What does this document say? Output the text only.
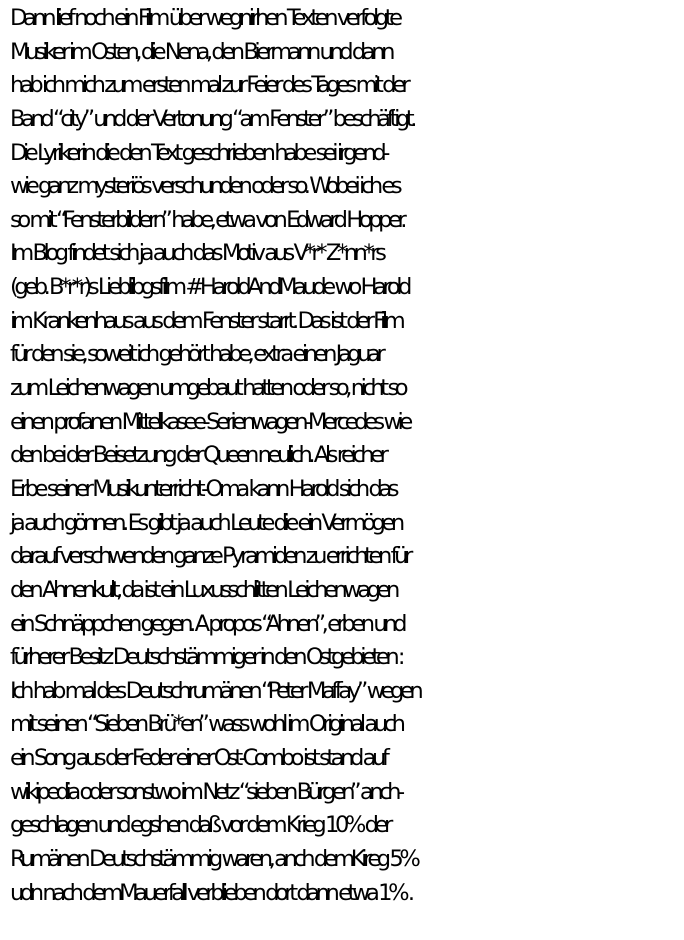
Dann lief noch ein Film über wegnirhen Texten verfolgte
Musiker im Osten, die Nena, den Biermann und dann
hab ich mich zum ersten mal zur Feier des Tages mit der
Band “city” und der Vertonung “am Fenster” beschäftigt.
Die Lyrikerin die den Text geschrieben habe sei irgend-
wie ganz mysteriös verschunden oder so. Wobei ich es
so mit “Fensterbildern” habe, etwa von Edward Hopper.
Im Blog findet sich ja auch das Motiv aus V*r* Z*nn*rs
(geb. B*r*r)s Lieblibgsfilm #HaroldAndMaude wo Harold
im Krankenhaus aus dem Fenster starrt. Das ist der Film
für den sie, soweit ich gehört habe, extra einen Jaguar
zum Leichenwagen umgebaut hatten oder so, nicht so
einen profanen Mittelkasee-Serienwagen-Mercedes wie
den bei der Beisetzung der Queen neulich. Als reicher
Erbe seiner Musikunterricht-Oma kann Harold sich das
ja auch gönnen. Es gibt ja auch Leute die ein Vermögen
darauf verschwenden ganze Pyramiden zu errichten für
den Ahnenkult, da ist ein Luxusschlitten Leichenwagen
ein Schnäppchen gegen. A propos “Ahnen”, erben und
fürherer Besitz Deutschstämmiger in den Ostgebieten :
Ich hab mal des Deutschrumänen “Peter Maffay” wegen
mit seinen “Sieben Brü*en” wass wohl im Original auch
ein Song aus der Feder einer Ost-Combo ist stand auf
wikipedia oder sonstwo im Netz “sieben Bürgen” anch-
geschlagen und egshen daß vor dem Krieg 10% der
Rumänen Deutschstämmig waren, anch demKireg 5%
udn nach demMauerfall verblieben dort dann etwa 1% .
